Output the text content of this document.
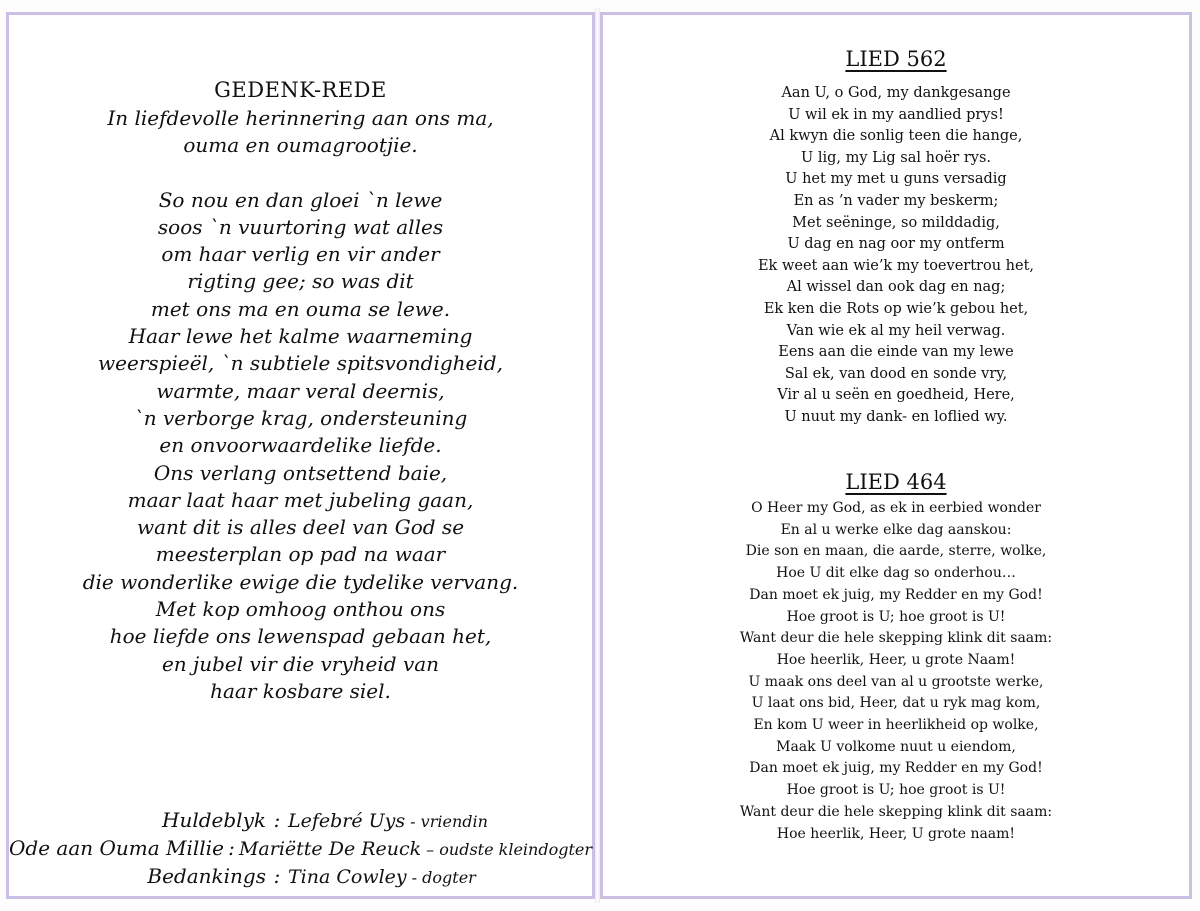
GEDENK-REDE
In liefdevolle herinnering aan ons ma,
ouma en oumagrootjie.
So nou en dan gloei `n lewe
soos `n vuurtoring wat alles
om haar verlig en vir ander
rigting gee; so was dit
met ons ma en ouma se lewe.
Haar lewe het kalme waarneming
weerspieël, `n subtiele spitsvondigheid,
warmte, maar veral deernis,
`n verborge krag, ondersteuning
en onvoorwaardelike liefde.
Ons verlang ontsettend baie,
maar laat haar met jubeling gaan,
want dit is alles deel van God se
meesterplan op pad na waar
die wonderlike ewige die tydelike vervang.
Met kop omhoog onthou ons
hoe liefde ons lewenspad gebaan het,
en jubel vir die vryheid van
haar kosbare siel.
Huldeblyk : Lefebré Uys - vriendin
Ode aan Ouma Millie : Mariëtte De Reuck – oudste kleindogter
Bedankings : Tina Cowley - dogter
LIED 562
Aan U, o God, my dankgesange
U wil ek in my aandlied prys!
Al kwyn die sonlig teen die hange,
U lig, my Lig sal hoër rys.
U het my met u guns versadig
En as ’n vader my beskerm;
Met seëninge, so milddadig,
U dag en nag oor my ontferm
Ek weet aan wie’k my toevertrou het,
Al wissel dan ook dag en nag;
Ek ken die Rots op wie’k gebou het,
Van wie ek al my heil verwag.
Eens aan die einde van my lewe
Sal ek, van dood en sonde vry,
Vir al u seën en goedheid, Here,
U nuut my dank- en loflied wy.
LIED 464
O Heer my God, as ek in eerbied wonder
En al u werke elke dag aanskou:
Die son en maan, die aarde, sterre, wolke,
Hoe U dit elke dag so onderhou…
Dan moet ek juig, my Redder en my God!
Hoe groot is U; hoe groot is U!
Want deur die hele skepping klink dit saam:
Hoe heerlik, Heer, u grote Naam!
U maak ons deel van al u grootste werke,
U laat ons bid, Heer, dat u ryk mag kom,
En kom U weer in heerlikheid op wolke,
Maak U volkome nuut u eiendom,
Dan moet ek juig, my Redder en my God!
Hoe groot is U; hoe groot is U!
Want deur die hele skepping klink dit saam:
Hoe heerlik, Heer, U grote naam!
